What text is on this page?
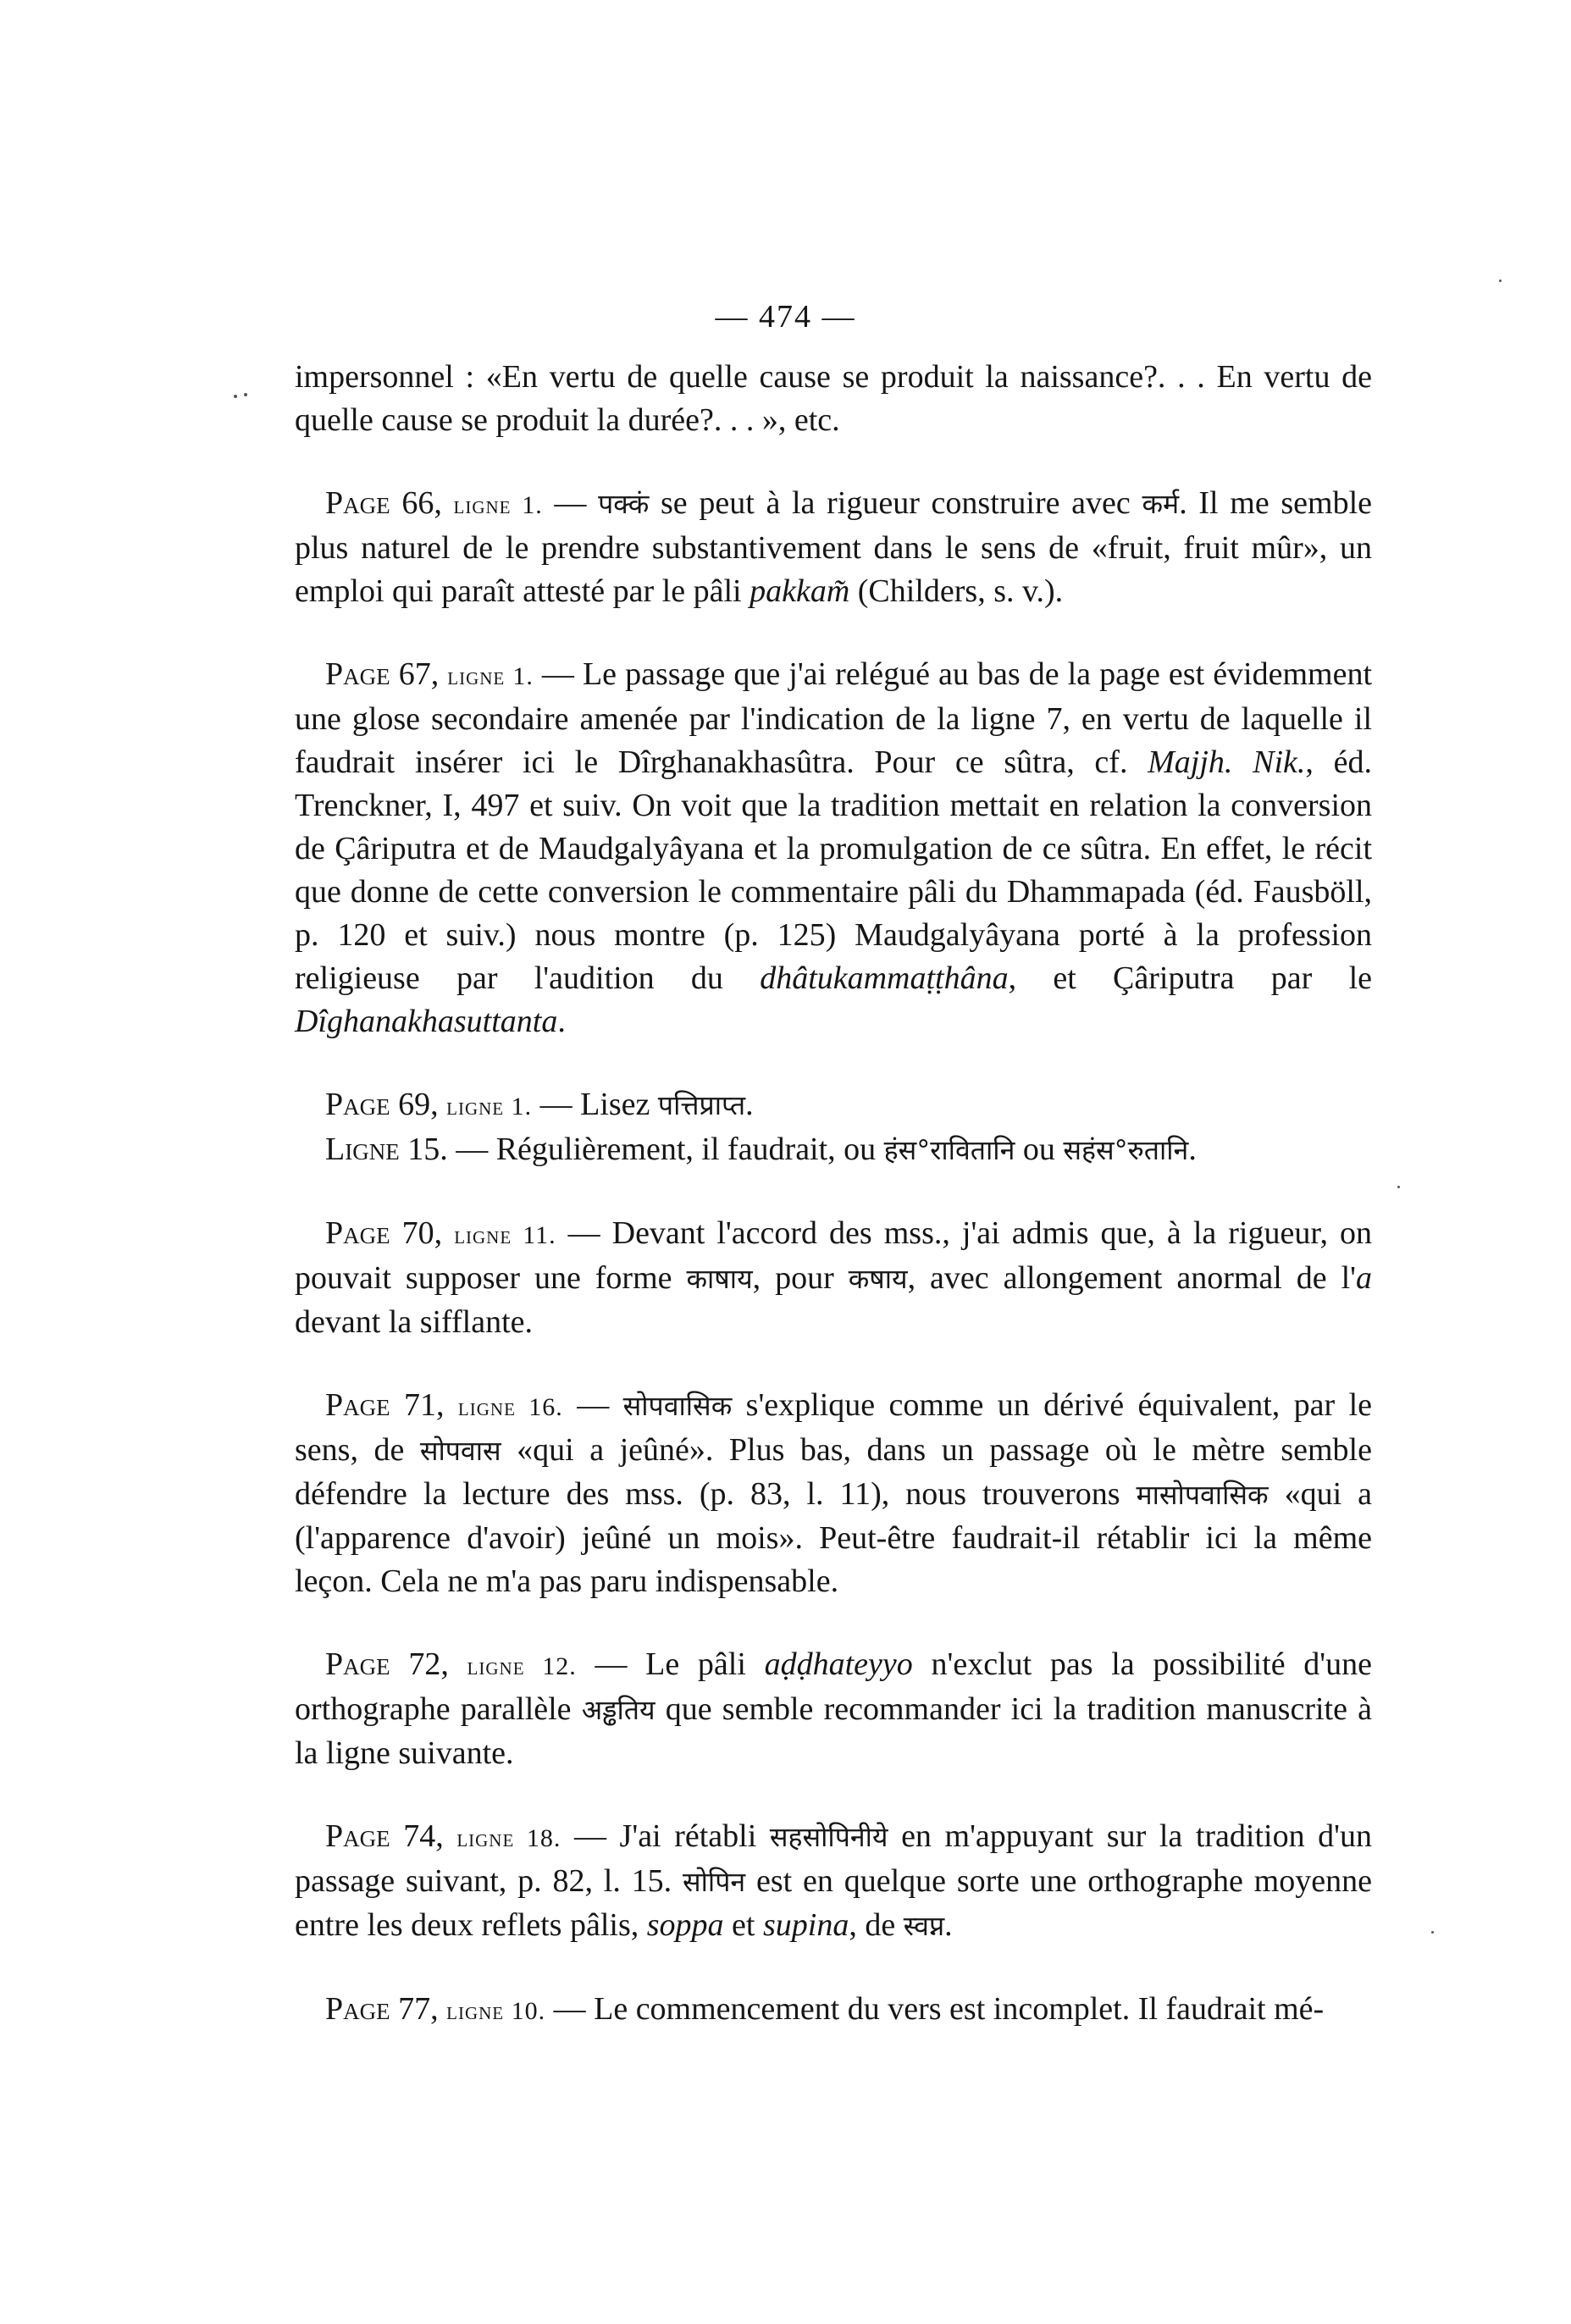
— 474 —

impersonnel : «En vertu de quelle cause se produit la naissance?. . . En vertu de quelle cause se produit la durée?. . . », etc.

Page 66, ligne 1. — पक्कं se peut à la rigueur construire avec कर्म. Il me semble plus naturel de le prendre substantivement dans le sens de «fruit, fruit mûr», un emploi qui paraît attesté par le pâli pakkam̃ (Childers, s. v.).

Page 67, ligne 1. — Le passage que j'ai relégué au bas de la page est évidemment une glose secondaire amenée par l'indication de la ligne 7, en vertu de laquelle il faudrait insérer ici le Dîrghanakhasûtra. Pour ce sûtra, cf. Majjh. Nik., éd. Trenckner, I, 497 et suiv. On voit que la tradition mettait en relation la conversion de Çâriputra et de Maudgalyâyana et la promulgation de ce sûtra. En effet, le récit que donne de cette conversion le commentaire pâli du Dhammapada (éd. Fausböll, p. 120 et suiv.) nous montre (p. 125) Maudgalyâyana porté à la profession religieuse par l'audition du dhâtukammaṭṭhâna, et Çâriputra par le Dîghanakhasuttanta.

Page 69, ligne 1. — Lisez पत्तिप्राप्त.

Ligne 15. — Régulièrement, il faudrait, ou हंस°रावितानि ou सहंस°रुतानि.

Page 70, ligne 11. — Devant l'accord des mss., j'ai admis que, à la rigueur, on pouvait supposer une forme काषाय, pour कषाय, avec allongement anormal de l'a devant la sifflante.

Page 71, ligne 16. — सोपवासिक s'explique comme un dérivé équivalent, par le sens, de सोपवास «qui a jeûné». Plus bas, dans un passage où le mètre semble défendre la lecture des mss. (p. 83, l. 11), nous trouverons मासोपवासिक «qui a (l'apparence d'avoir) jeûné un mois». Peut-être faudrait-il rétablir ici la même leçon. Cela ne m'a pas paru indispensable.

Page 72, ligne 12. — Le pâli aḍḍhateyyo n'exclut pas la possibilité d'une orthographe parallèle अड्ढतिय que semble recommander ici la tradition manuscrite à la ligne suivante.

Page 74, ligne 18. — J'ai rétabli सहसोपिनीये en m'appuyant sur la tradition d'un passage suivant, p. 82, l. 15. सोपिन est en quelque sorte une orthographe moyenne entre les deux reflets pâlis, soppa et supina, de स्वप्न.

Page 77, ligne 10. — Le commencement du vers est incomplet. Il faudrait mé-
